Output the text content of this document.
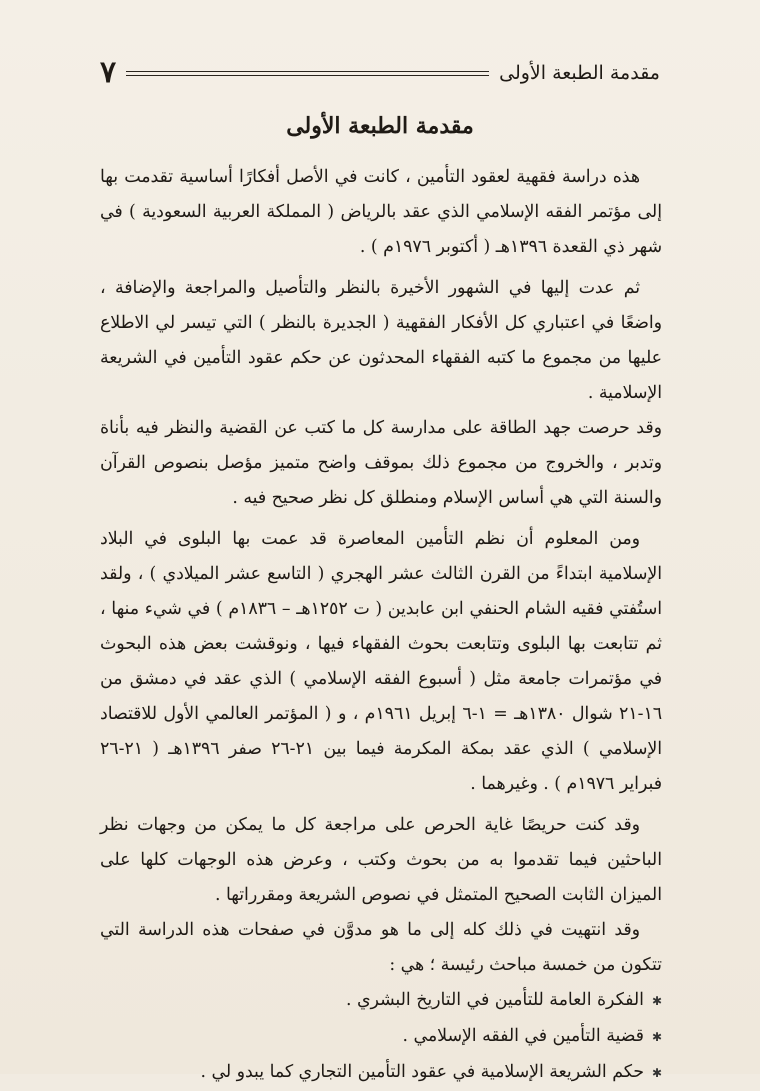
مقدمة الطبعة الأولى
٧
مقدمة الطبعة الأولى

هذه دراسة فقهية لعقود التأمين ، كانت في الأصل أفكارًا أساسية تقدمت بها إلى مؤتمر الفقه الإسلامي الذي عقد بالرياض ( المملكة العربية السعودية ) في شهر ذي القعدة ١٣٩٦هـ ( أكتوبر ١٩٧٦م ) .

ثم عدت إليها في الشهور الأخيرة بالنظر والتأصيل والمراجعة والإضافة ، واضعًا في اعتباري كل الأفكار الفقهية ( الجديرة بالنظر ) التي تيسر لي الاطلاع عليها من مجموع ما كتبه الفقهاء المحدثون عن حكم عقود التأمين في الشريعة الإسلامية .

وقد حرصت جهد الطاقة على مدارسة كل ما كتب عن القضية والنظر فيه بأناة وتدبر ، والخروج من مجموع ذلك بموقف واضح متميز مؤصل بنصوص القرآن والسنة التي هي أساس الإسلام ومنطلق كل نظر صحيح فيه .

ومن المعلوم أن نظم التأمين المعاصرة قد عمت بها البلوى في البلاد الإسلامية ابتداءً من القرن الثالث عشر الهجري ( التاسع عشر الميلادي ) ، ولقد استُفتي فقيه الشام الحنفي ابن عابدين ( ت ١٢٥٢هـ – ١٨٣٦م ) في شيء منها ، ثم تتابعت بها البلوى وتتابعت بحوث الفقهاء فيها ، ونوقشت بعض هذه البحوث في مؤتمرات جامعة مثل ( أسبوع الفقه الإسلامي ) الذي عقد في دمشق من ١٦-٢١ شوال ١٣٨٠هـ = ١-٦ إبريل ١٩٦١م ، و ( المؤتمر العالمي الأول للاقتصاد الإسلامي ) الذي عقد بمكة المكرمة فيما بين ٢١-٢٦ صفر ١٣٩٦هـ ( ٢١-٢٦ فبراير ١٩٧٦م ) . وغيرهما .

وقد كنت حريصًا غاية الحرص على مراجعة كل ما يمكن من وجهات نظر الباحثين فيما تقدموا به من بحوث وكتب ، وعرض هذه الوجهات كلها على الميزان الثابت الصحيح المتمثل في نصوص الشريعة ومقرراتها .

وقد انتهيت في ذلك كله إلى ما هو مدوَّن في صفحات هذه الدراسة التي تتكون من خمسة مباحث رئيسة ؛ هي :

✱
الفكرة العامة للتأمين في التاريخ البشري .
✱
قضية التأمين في الفقه الإسلامي .
✱
حكم الشريعة الإسلامية في عقود التأمين التجاري كما يبدو لي .
